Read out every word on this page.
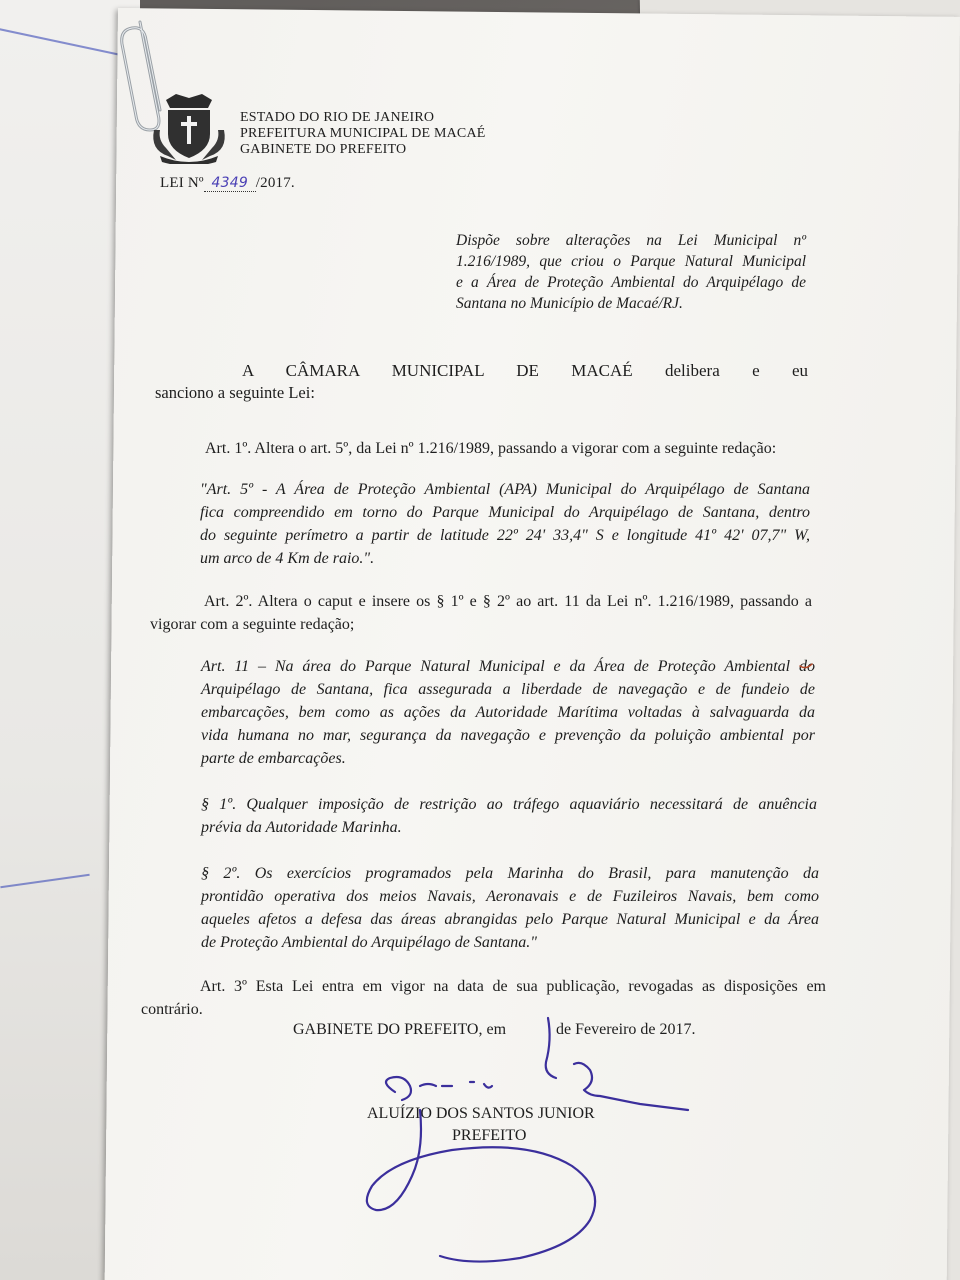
ESTADO DO RIO DE JANEIRO
PREFEITURA MUNICIPAL DE MACAÉ
GABINETE DO PREFEITO
LEI Nº 4349 /2017.
Dispõe sobre alterações na Lei Municipal nº
1.216/1989, que criou o Parque Natural Municipal
e a Área de Proteção Ambiental do Arquipélago de
Santana no Município de Macaé/RJ.
A CÂMARA MUNICIPAL DE MACAÉ delibera e eu
sanciono a seguinte Lei:
Art. 1º. Altera o art. 5º, da Lei nº 1.216/1989, passando a vigorar com a seguinte redação:
"Art. 5º - A Área de Proteção Ambiental (APA) Municipal do Arquipélago de Santana
fica compreendido em torno do Parque Municipal do Arquipélago de Santana, dentro
do seguinte perímetro a partir de latitude 22º 24' 33,4" S e longitude 41º 42' 07,7" W,
um arco de 4 Km de raio.".
Art. 2º. Altera o caput e insere os § 1º e § 2º ao art. 11 da Lei nº. 1.216/1989, passando a
vigorar com a seguinte redação;
Art. 11 – Na área do Parque Natural Municipal e da Área de Proteção Ambiental do
Arquipélago de Santana, fica assegurada a liberdade de navegação e de fundeio de
embarcações, bem como as ações da Autoridade Marítima voltadas à salvaguarda da
vida humana no mar, segurança da navegação e prevenção da poluição ambiental por
parte de embarcações.
§ 1º. Qualquer imposição de restrição ao tráfego aquaviário necessitará de anuência
prévia da Autoridade Marinha.
§ 2º. Os exercícios programados pela Marinha do Brasil, para manutenção da
prontidão operativa dos meios Navais, Aeronavais e de Fuzileiros Navais, bem como
aqueles afetos a defesa das áreas abrangidas pelo Parque Natural Municipal e da Área
de Proteção Ambiental do Arquipélago de Santana."
Art. 3º Esta Lei entra em vigor na data de sua publicação, revogadas as disposições em
contrário.
GABINETE DO PREFEITO, em	de Fevereiro de 2017.
ALUÍZIO DOS SANTOS JUNIOR
PREFEITO
